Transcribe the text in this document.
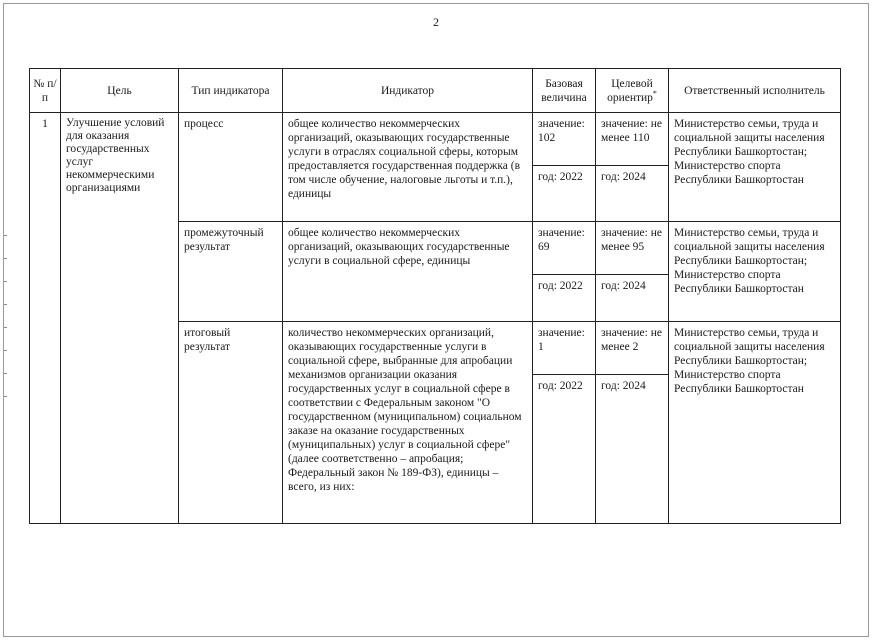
2
№ п/п	Цель	Тип индикатора	Индикатор	Базовая величина	Целевой ориентир*	Ответственный исполнитель
1	Улучшение условий для оказания государственных услуг некоммерческими организациями	процесс	общее количество некоммерческих организаций, оказывающих государственные услуги в отраслях социальной сферы, которым предоставляется государственная поддержка (в том числе обучение, налоговые льготы и т.п.), единицы	значение: 102	значение: не менее 110	Министерство семьи, труда и социальной защиты населения Республики Башкортостан; Министерство спорта Республики Башкортостан
				год: 2022	год: 2024	
		промежуточный результат	общее количество некоммерческих организаций, оказывающих государственные услуги в социальной сфере, единицы	значение: 69	значение: не менее 95	Министерство семьи, труда и социальной защиты населения Республики Башкортостан; Министерство спорта Республики Башкортостан
				год: 2022	год: 2024	
		итоговый результат	количество некоммерческих организаций, оказывающих государственные услуги в социальной сфере, выбранные для апробации механизмов организации оказания государственных услуг в социальной сфере в соответствии с Федеральным законом "О государственном (муниципальном) социальном заказе на оказание государственных (муниципальных) услуг в социальной сфере" (далее соответственно – апробация; Федеральный закон № 189-ФЗ), единицы – всего, из них:	значение: 1	значение: не менее 2	Министерство семьи, труда и социальной защиты населения Республики Башкортостан; Министерство спорта Республики Башкортостан
				год: 2022	год: 2024	
